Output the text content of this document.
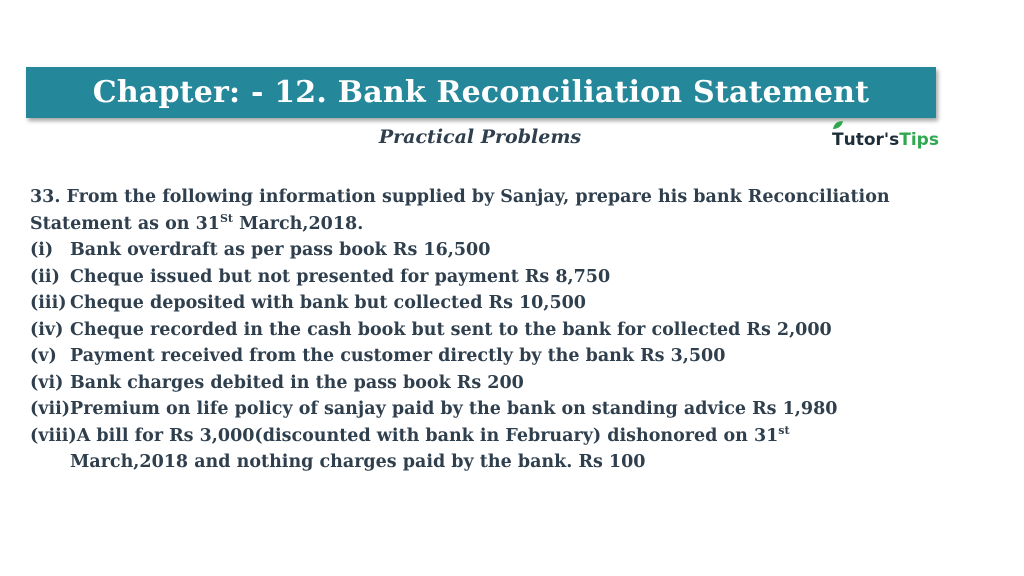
Chapter: - 12. Bank Reconciliation Statement
Practical Problems	T utor's Tips
33. From the following information supplied by Sanjay, prepare his bank Reconciliation
Statement as on 31St March,2018.
(i) Bank overdraft as per pass book Rs 16,500
(ii) Cheque issued but not presented for payment Rs 8,750
(iii) Cheque deposited with bank but collected Rs 10,500
(iv) Cheque recorded in the cash book but sent to the bank for collected Rs 2,000
(v) Payment received from the customer directly by the bank Rs 3,500
(vi) Bank charges debited in the pass book Rs 200
(vii) Premium on life policy of sanjay paid by the bank on standing advice Rs 1,980
(viii) A bill for Rs 3,000(discounted with bank in February) dishonored on 31st
March,2018 and nothing charges paid by the bank. Rs 100
